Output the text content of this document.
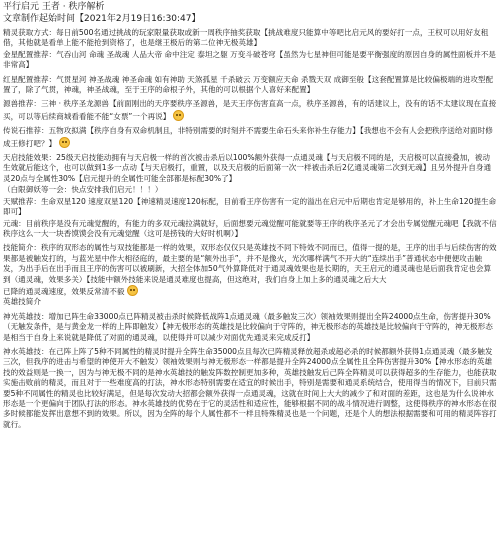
平行启元 王者 · 秩序解析
文章制作起始时间【2021年2月19日16:30:47】

精灵获取方式：每日前500名通过挑战的玩家限量获取或新一周秩序抽奖获取【挑战难度只能算中等吧比启元风的要好打一点，王权可以用好友租借，其他就是看单上能不能抢到资格了，也是继王极后的第二位神无极英雄】

金星配置推荐：气吞山河 命魂 圣战魂 人品大帝 命中注定 泰坦之躯 万变斗破苍穹【虽然为七星神但可能是要平衡强度的原因自身的属性面板并不是非常高】

红星配置推荐：气贯星河 神圣战魂 神圣命魂 如有神助 天煞孤星 千杀破云 万变额应天命 杀戮天双 成御至般【这套配置算是比较偏极端的进攻型配置了，除了气贯，神魂，神圣战魂，至于王序的命根子外，其他的可以根据个人喜好来配置】

源兽推荐：三神 · 秩序圣龙源兽【前面刚出的天序要秩序圣源兽，是天王序伤害直高一点，秩序圣源兽，有的话建议上，没有的话不太建议现在直接买，可以等后续商城看看能不能“女票”一个再说】

传说石推荐：五物攻拟满【秩序自身有双命机制且，非特别需要的时刻并不需要生命石头来你补生存能力】【我想也不会有人会把秩序送给对面时修成王修打吧？】

天启技能效果：25级天启技能动拥有与天启极一样的首次被击杀后以100%额外获得一点通灵魂【与天启极不同的是，天启极可以直接叠加，被动生效就后能这个，也可以做到1多一点动【与天启极打，重置，以及天启极的后面第一次一样被击杀后2亿通灵魂第二次到无魂】且另外提升自身通灵20点与全属性30%【启元提升的全属性可能全部都是标配30%了】

（白限御妖等一会：快点安排我们启元！！！）

天赋推荐：生命双星120 速度双星120【神速精灵速度120标配，目前看王序伤害有一定的溢出在启元中后期也肯定是够用的，补上生命120提生命即可】

元魂：目前秩序是没有元魂觉醒的，有能力的多双元魂拉满就好，后面想要元魂觉醒可能就要等王序的秩序圣元了才会出专属觉醒元魂吧【我就不信秩序这么一大一块香馍馍会没有元魂觉醒（这可是捞钱的大好时机啊）】

技能简介：秩序的双形态的属性与双技能都是一样的效果，双形态仅仅只是英雄技不同下特效不同而已，值得一提的是，王序的出手与后续伤害的效果都是被触发打的，与蓝光星中作大相径庭的，最主要的是“额外出手”，并不是像火，光次哪样满气不开大的“连续出手”普通状态中便便攻击触发，为出手后在出手而且王序的伤害可以被刷新，大招全体加50气外算降低对于通灵魂效果也是长期的，天王启元的通灵魂也是后面我肯定也会算到（通灵魂，效果多关）【技能中额外技能来说是通灵难度也提高，但这绝对，我们自身上加上多的通灵魂之后大大

已降的通灵魂速度，效果反常清不毅

英雄技简介

神光英雄技：增加已阵生命33000点已阵精灵被击杀时候降低战阵1点通灵魂（最多触发三次）领袖效果则提出全阵24000点生命，伤害提升30%（无触发条件，是与黄金龙一样的上阵即触发）【神无极形态的英雄技是比较偏向于守阵的，神无极形态的英雄技是比较偏向于守阵的，神无极形态是相当于自身上来说就是降低了对面的通灵魂，以使得并可以减少对面优先通灵来完成反打】

神水英雄技：在己阵上阵了5种不同属性的精灵时提升全阵生命35000点且每次已阵精灵释放超杀或超必杀的时候都额外获得1点通灵魂（最多触发三次，但我序的进击与希望的神使开大不触发）领袖效果则与神无极形态一样都是提升全阵24000点全属性且全阵伤害提升30%【神水形态的英雄技的效益则是一换一，因为与神无极不同的是神水英雄技的触发阵数控制更加多种，英雄技触发后己阵全阵精灵可以获得超多的生存能力，也能获取实施击败前的精灵，而且对于一些难度高的打法，神水形态特别需要在适宜的时候出手，特别是需要和通灵系统结合，使用得当的情况下，目前只需要5种不同属性的精灵也比较好满足，但是每次发动大招都会额外获得一点通灵魂，这就在时间上大大的减少了和对面的差距，这也是为什么说神水形态是一个更偏向于团队打法的形态。神水英雄技的优势在于它的灵活性和适应性，能够根据不同的战斗情况进行调整，这使得秩序的神水形态在很多时候都能发挥出意想不到的效果。所以，因为全阵的每个人属性都不一样且特殊精灵也是一个问题，还是个人的想法根据需要和可用的精灵阵容打就行。
